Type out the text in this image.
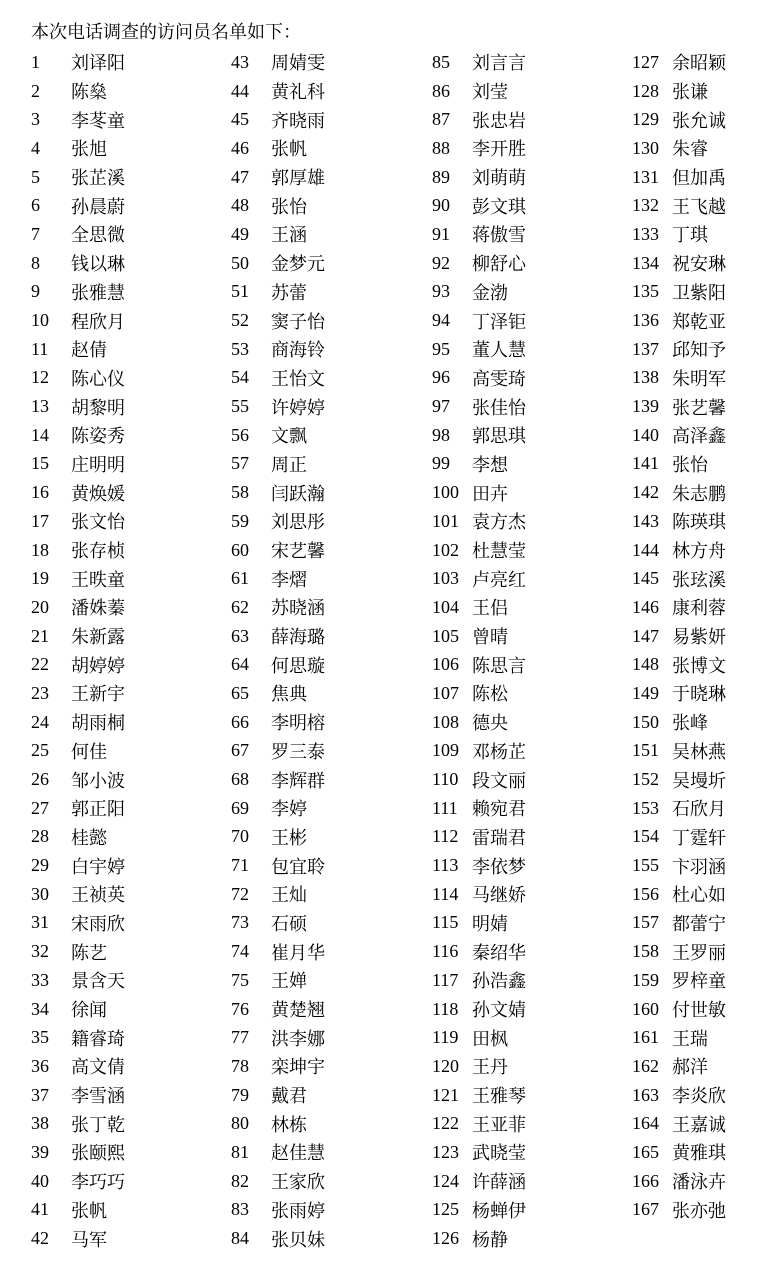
本次电话调查的访问员名单如下：
1	刘译阳
2	陈燊
3	李苳童
4	张旭
5	张芷溪
6	孙晨蔚
7	全思微
8	钱以琳
9	张雅慧
10	程欣月
11	赵倩
12	陈心仪
13	胡黎明
14	陈姿秀
15	庄明明
16	黄焕媛
17	张文怡
18	张存桢
19	王昳童
20	潘姝蓁
21	朱新露
22	胡婷婷
23	王新宇
24	胡雨桐
25	何佳
26	邹小波
27	郭正阳
28	桂懿
29	白宇婷
30	王祯英
31	宋雨欣
32	陈艺
33	景含天
34	徐闻
35	籍睿琦
36	高文倩
37	李雪涵
38	张丁乾
39	张颐熙
40	李巧巧
41	张帆
42	马军
43	周婧雯
44	黄礼科
45	齐晓雨
46	张帆
47	郭厚雄
48	张怡
49	王涵
50	金梦元
51	苏蕾
52	窦子怡
53	商海铃
54	王怡文
55	许婷婷
56	文飘
57	周正
58	闫跃瀚
59	刘思彤
60	宋艺馨
61	李熠
62	苏晓涵
63	薛海璐
64	何思璇
65	焦典
66	李明榕
67	罗三泰
68	李辉群
69	李婷
70	王彬
71	包宜聆
72	王灿
73	石硕
74	崔月华
75	王婵
76	黄楚翘
77	洪李娜
78	栾坤宇
79	戴君
80	林栋
81	赵佳慧
82	王家欣
83	张雨婷
84	张贝妹
85	刘言言
86	刘莹
87	张忠岩
88	李开胜
89	刘萌萌
90	彭文琪
91	蒋傲雪
92	柳舒心
93	金渤
94	丁泽钜
95	董人慧
96	高雯琦
97	张佳怡
98	郭思琪
99	李想
100 田卉
101 袁方杰
102 杜慧莹
103 卢亮红
104 王侣
105 曾晴
106 陈思言
107 陈松
108 德央
109 邓杨芷
110 段文丽
111 赖宛君
112 雷瑞君
113 李依梦
114 马继娇
115 明婧
116 秦绍华
117 孙浩鑫
118 孙文婧
119 田枫
120 王丹
121 王雅琴
122 王亚菲
123 武晓莹
124 许薛涵
125 杨蝉伊
126 杨静
127 余昭颖
128 张谦
129 张允诚
130 朱睿
131 但加禹
132 王飞越
133 丁琪
134 祝安琳
135 卫紫阳
136 郑乾亚
137 邱知予
138 朱明军
139 张艺馨
140 高泽鑫
141 张怡
142 朱志鹏
143 陈瑛琪
144 林方舟
145 张玹溪
146 康利蓉
147 易紫妍
148 张博文
149 于晓琳
150 张峰
151 吴林燕
152 吴墁圻
153 石欣月
154 丁霆轩
155 卞羽涵
156 杜心如
157 都蕾宁
158 王罗丽
159 罗梓童
160 付世敏
161 王瑞
162 郝洋
163 李炎欣
164 王嘉诚
165 黄雅琪
166 潘泳卉
167 张亦弛
